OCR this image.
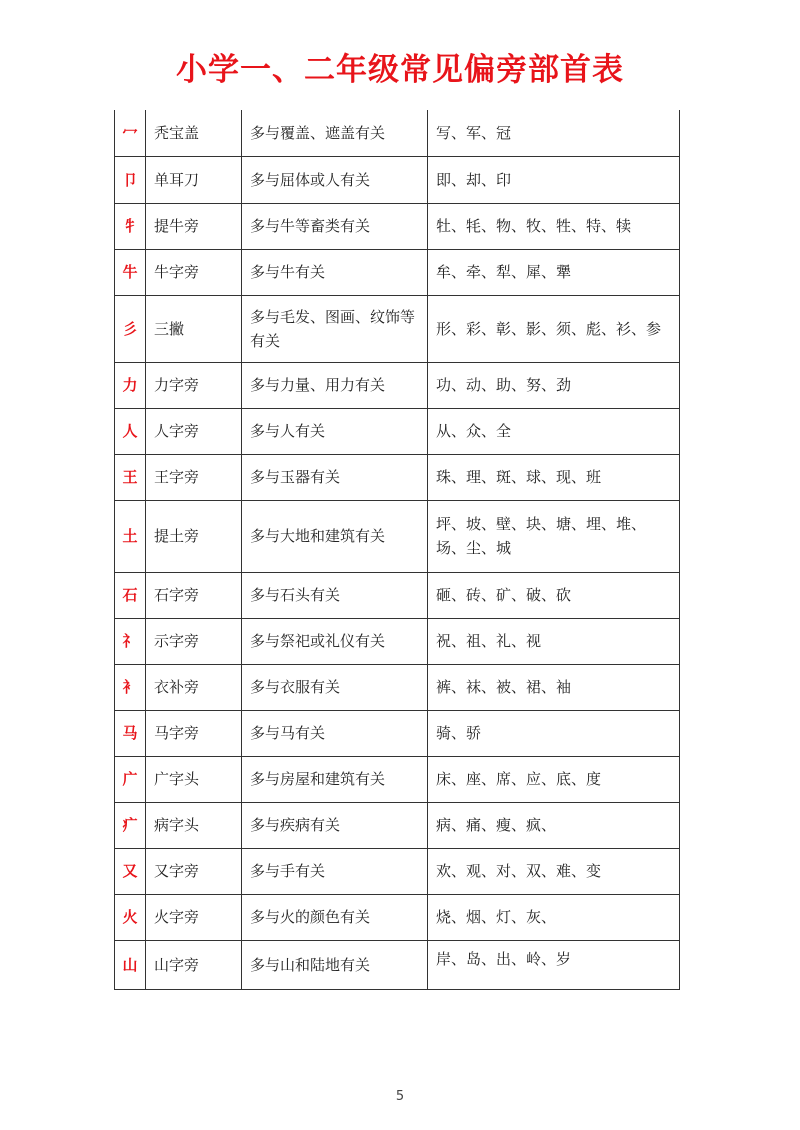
小学一、二年级常见偏旁部首表
冖	秃宝盖	多与覆盖、遮盖有关	写、军、冠
卩	单耳刀	多与屈体或人有关	即、却、印
牜	提牛旁	多与牛等畜类有关	牡、牦、物、牧、牲、特、犊
牛	牛字旁	多与牛有关	牟、牵、犁、犀、犟
彡	三撇	多与毛发、图画、纹饰等有关	形、彩、彰、影、须、彪、衫、参
力	力字旁	多与力量、用力有关	功、动、助、努、劲
人	人字旁	多与人有关	从、众、全
王	王字旁	多与玉器有关	珠、理、斑、球、现、班
土	提土旁	多与大地和建筑有关	坪、坡、壁、块、塘、埋、堆、场、尘、城
石	石字旁	多与石头有关	砸、砖、矿、破、砍
礻	示字旁	多与祭祀或礼仪有关	祝、祖、礼、视
衤	衣补旁	多与衣服有关	裤、袜、被、裙、袖
马	马字旁	多与马有关	骑、骄
广	广字头	多与房屋和建筑有关	床、座、席、应、底、度
疒	病字头	多与疾病有关	病、痛、瘦、疯、
又	又字旁	多与手有关	欢、观、对、双、难、变
火	火字旁	多与火的颜色有关	烧、烟、灯、灰、
山	山字旁	多与山和陆地有关	岸、岛、出、岭、岁
5
